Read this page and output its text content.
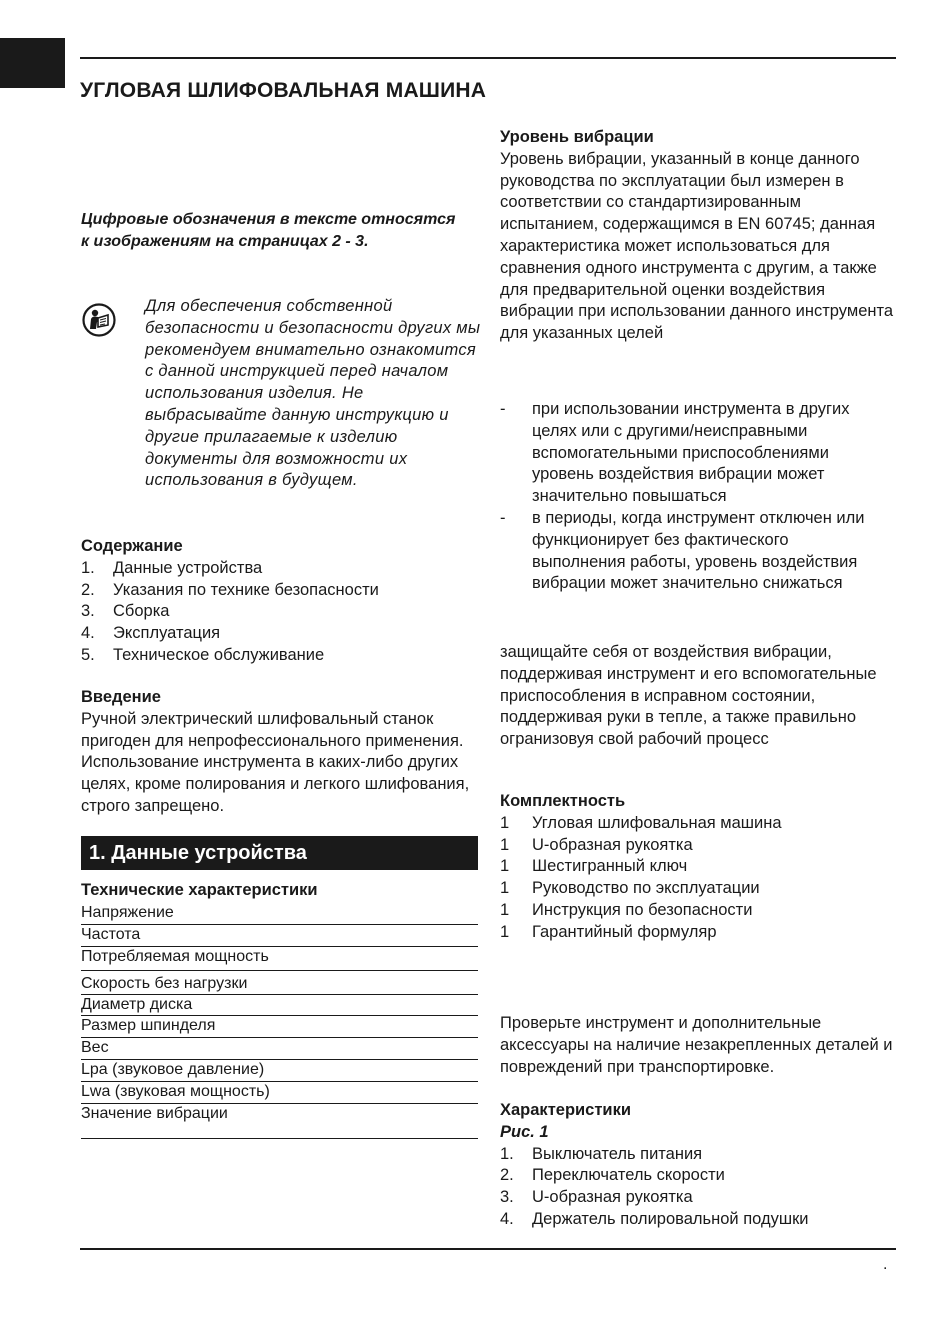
УГЛОВАЯ ШЛИФОВАЛЬНАЯ МАШИНА
Цифровые обозначения в тексте относятся к изображениям на страницах 2 - 3.
Для обеспечения собственной безопасности и безопасности других мы рекомендуем внимательно ознакомится с данной инструкцией перед началом использования изделия. Не выбрасывайте данную инструкцию и другие прилагаемые к изделию документы для возможности их использования в будущем.
Содержание
1.	Данные устройства
2.	Указания по технике безопасности
3.	Сборка
4.	Эксплуатация
5.	Техническое обслуживание
Введение
Ручной электрический шлифовальный станок пригоден для непрофессионального применения. Использование инструмента в каких-либо других целях, кроме полирования и легкого шлифования, строго запрещено.
1. Данные устройства
Технические характеристики
Напряжение
Частота
Потребляемая мощность
Скорость без нагрузки
Диаметр диска
Размер шпинделя
Вес
Lpa (звуковое давление)
Lwa (звуковая мощность)
Значение вибрации
Уровень вибрации
Уровень вибрации, указанный в конце данного руководства по эксплуатации был измерен в соответствии со стандартизированным испытанием, содержащимся в EN 60745; данная характеристика может использоваться для сравнения одного инструмента с другим, а также для предварительной оценки воздействия вибрации при использовании данного инструмента для указанных целей
-	при использовании инструмента в других целях или с другими/неисправными вспомогательными приспособлениями уровень воздействия вибрации может значительно повышаться
-	в периоды, когда инструмент отключен или функционирует без фактического выполнения работы, уровень воздействия вибрации может значительно снижаться
защищайте себя от воздействия вибрации, поддерживая инструмент и его вспомогательные приспособления в исправном состоянии, поддерживая руки в тепле, а также правильно огранизовуя свой рабочий процесс
Комплектность
1	Угловая шлифовальная машина
1	U-образная рукоятка
1	Шестигранный ключ
1	Руководство по эксплуатации
1	Инструкция по безопасности
1	Гарантийный формуляр
Проверьте инструмент и дополнительные аксессуары на наличие незакрепленных деталей и повреждений при транспортировке.
Характеристики
Рис. 1
1.	Выключатель питания
2.	Переключатель скорости
3.	U-образная рукоятка
4.	Держатель полировальной подушки
.
